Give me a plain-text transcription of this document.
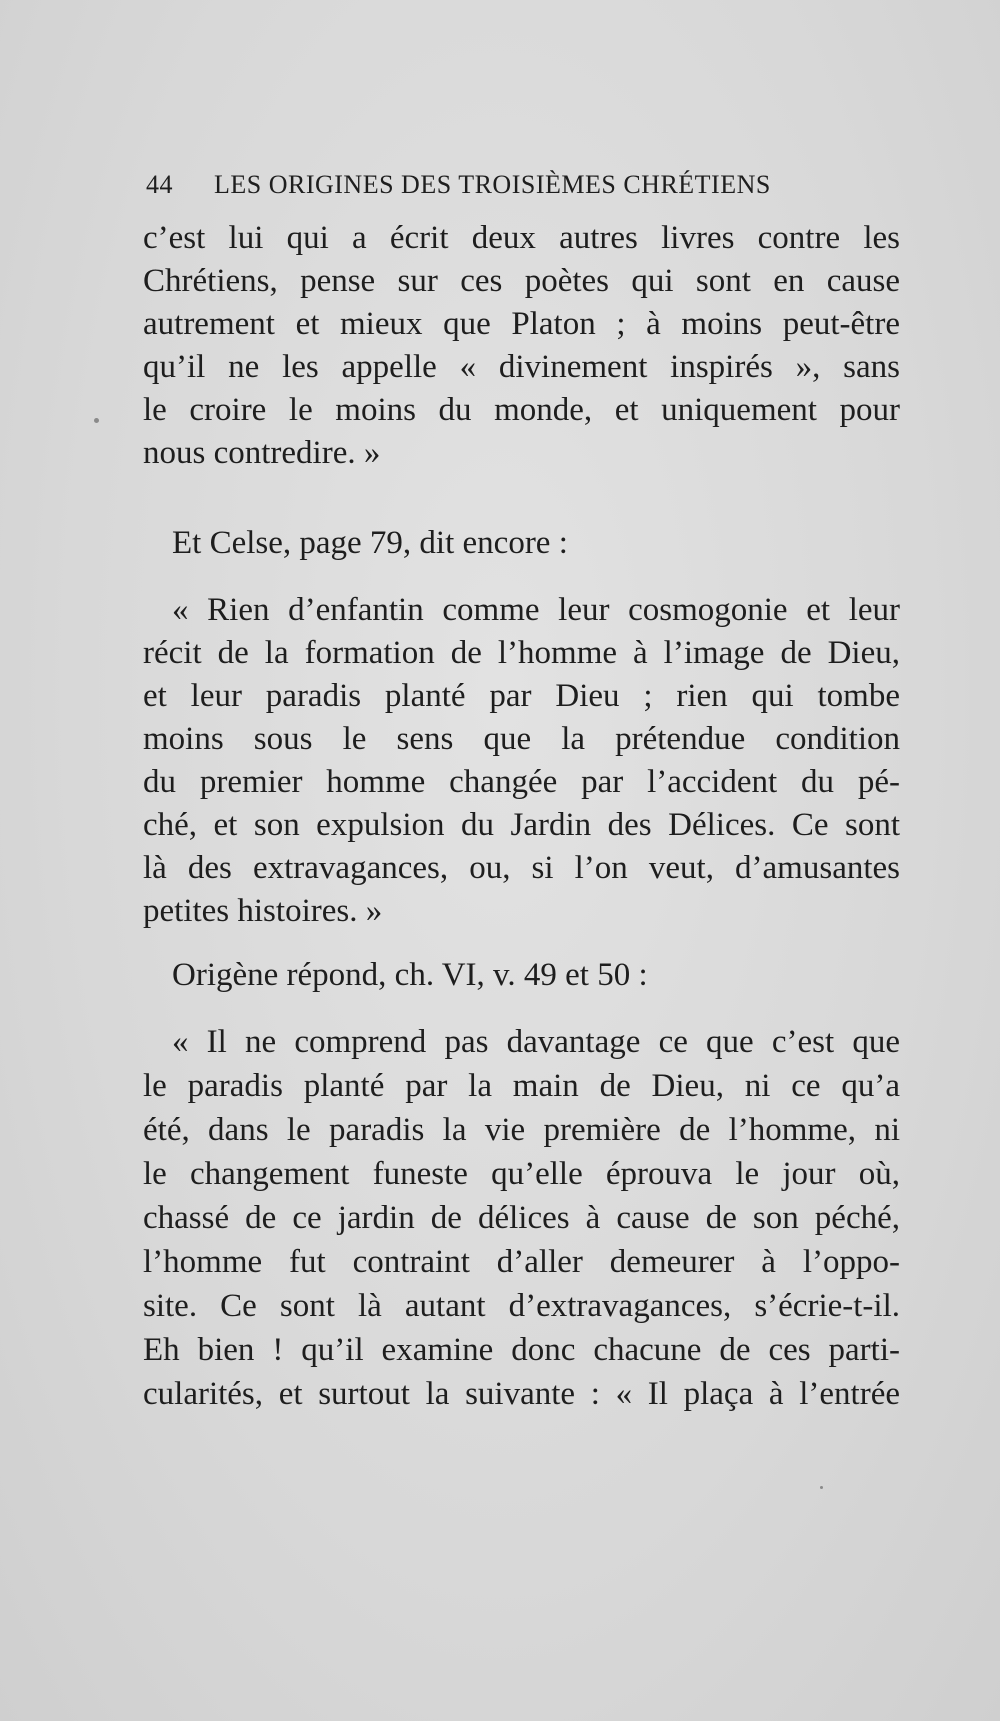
44 LES ORIGINES DES TROISIÈMES CHRÉTIENS
c’est lui qui a écrit deux autres livres contre les
Chrétiens, pense sur ces poètes qui sont en cause
autrement et mieux que Platon ; à moins peut-être
qu’il ne les appelle « divinement inspirés », sans
le croire le moins du monde, et uniquement pour
nous contredire. »
Et Celse, page 79, dit encore :
« Rien d’enfantin comme leur cosmogonie et leur
récit de la formation de l’homme à l’image de Dieu,
et leur paradis planté par Dieu ; rien qui tombe
moins sous le sens que la prétendue condition
du premier homme changée par l’accident du pé-
ché, et son expulsion du Jardin des Délices. Ce sont
là des extravagances, ou, si l’on veut, d’amusantes
petites histoires. »
Origène répond, ch. VI, v. 49 et 50 :
« Il ne comprend pas davantage ce que c’est que
le paradis planté par la main de Dieu, ni ce qu’a
été, dans le paradis la vie première de l’homme, ni
le changement funeste qu’elle éprouva le jour où,
chassé de ce jardin de délices à cause de son péché,
l’homme fut contraint d’aller demeurer à l’oppo-
site. Ce sont là autant d’extravagances, s’écrie-t-il.
Eh bien ! qu’il examine donc chacune de ces parti-
cularités, et surtout la suivante : « Il plaça à l’entrée
